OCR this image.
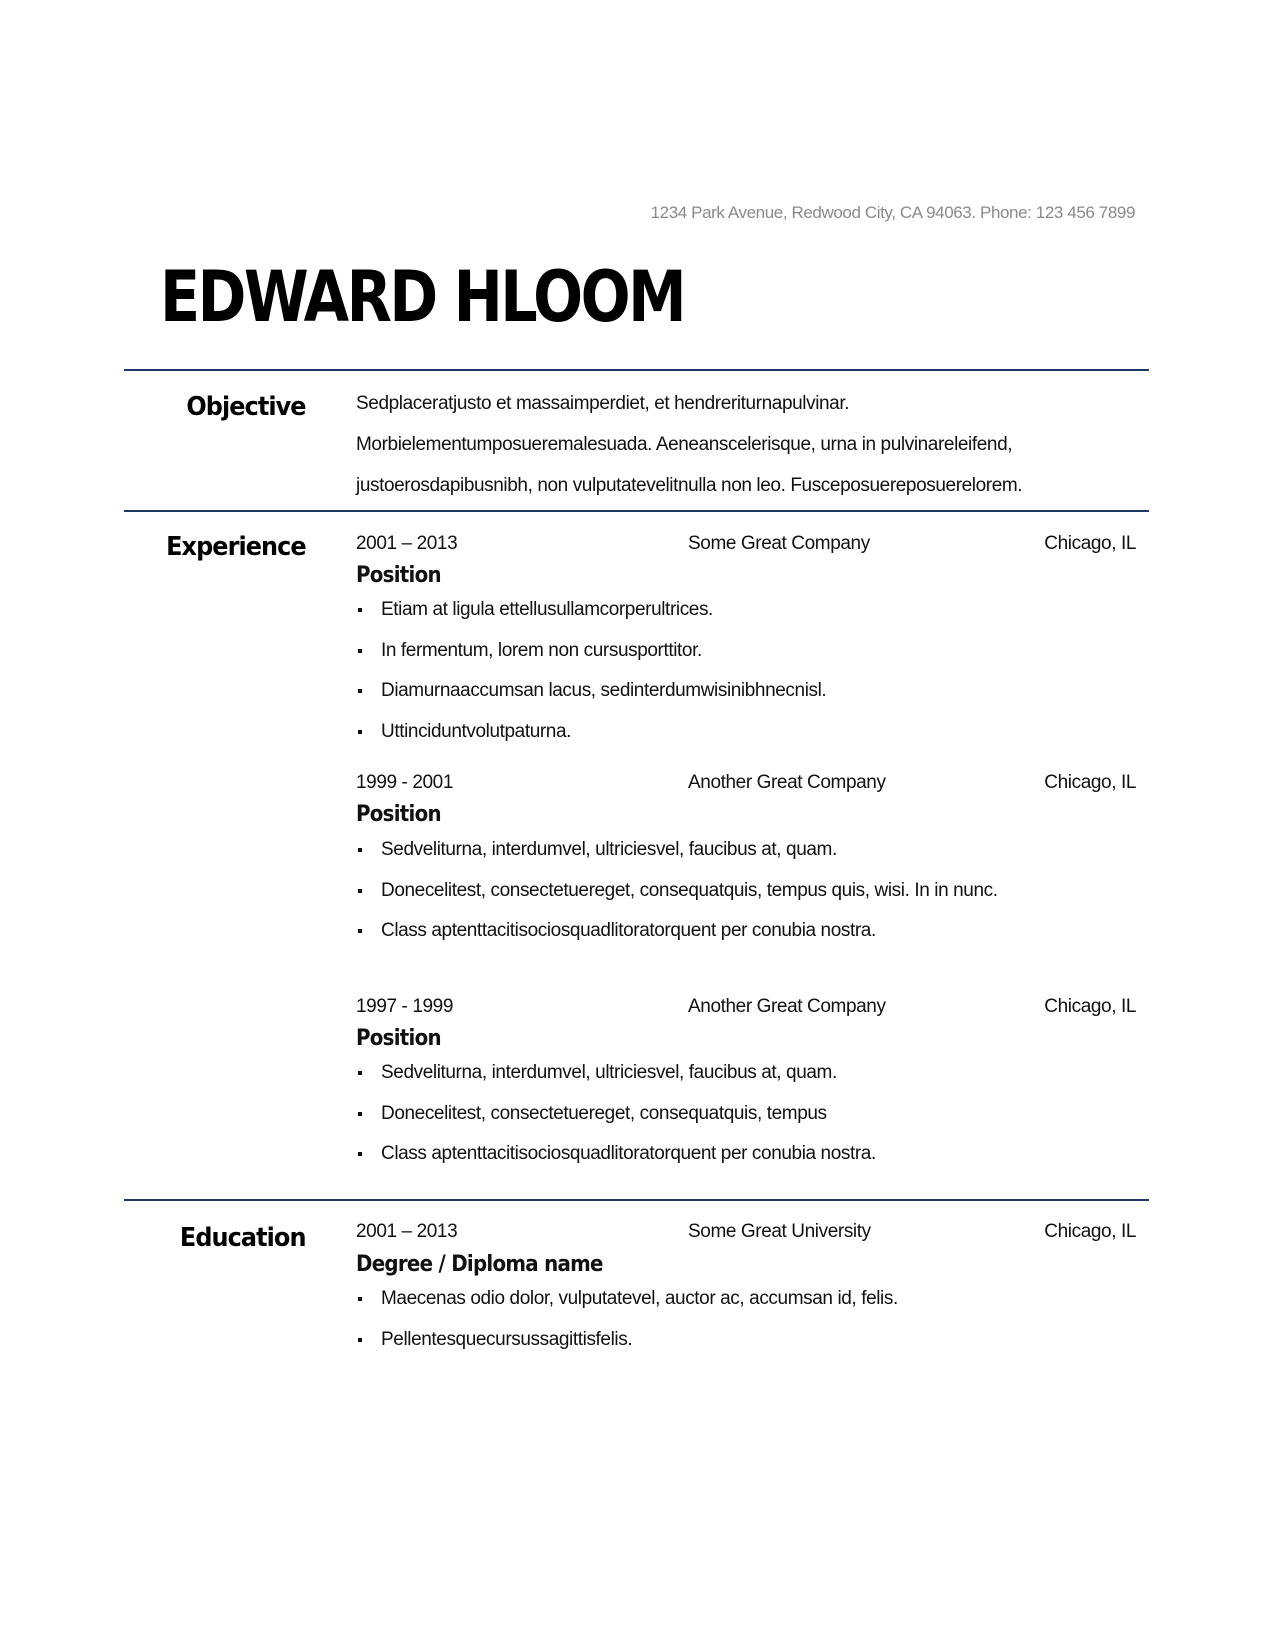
1234 Park Avenue, Redwood City, CA 94063. Phone: 123 456 7899
EDWARD HLOOM
Objective	Sedplaceratjusto et massaimperdiet, et hendreriturnapulvinar.

Morbielementumposueremalesuada. Aeneanscelerisque, urna in pulvinareleifend,

justoerosdapibusnibh, non vulputatevelitnulla non leo. Fusceposuereposuerelorem.

Experience	2001 – 2013	Some Great Company	Chicago, IL
Position
Etiam at ligula ettellusullamcorperultrices.
In fermentum, lorem non cursusporttitor.
Diamurnaaccumsan lacus, sedinterdumwisinibhnecnisl.
Uttinciduntvolutpaturna.
1999 - 2001	Another Great Company	Chicago, IL
Position
Sedveliturna, interdumvel, ultriciesvel, faucibus at, quam.
Donecelitest, consectetuereget, consequatquis, tempus quis, wisi. In in nunc.
Class aptenttacitisociosquadlitoratorquent per conubia nostra.
1997 - 1999	Another Great Company	Chicago, IL
Position
Sedveliturna, interdumvel, ultriciesvel, faucibus at, quam.
Donecelitest, consectetuereget, consequatquis, tempus
Class aptenttacitisociosquadlitoratorquent per conubia nostra.
Education	2001 – 2013	Some Great University	Chicago, IL
Degree / Diploma name
Maecenas odio dolor, vulputatevel, auctor ac, accumsan id, felis.
Pellentesquecursussagittisfelis.
